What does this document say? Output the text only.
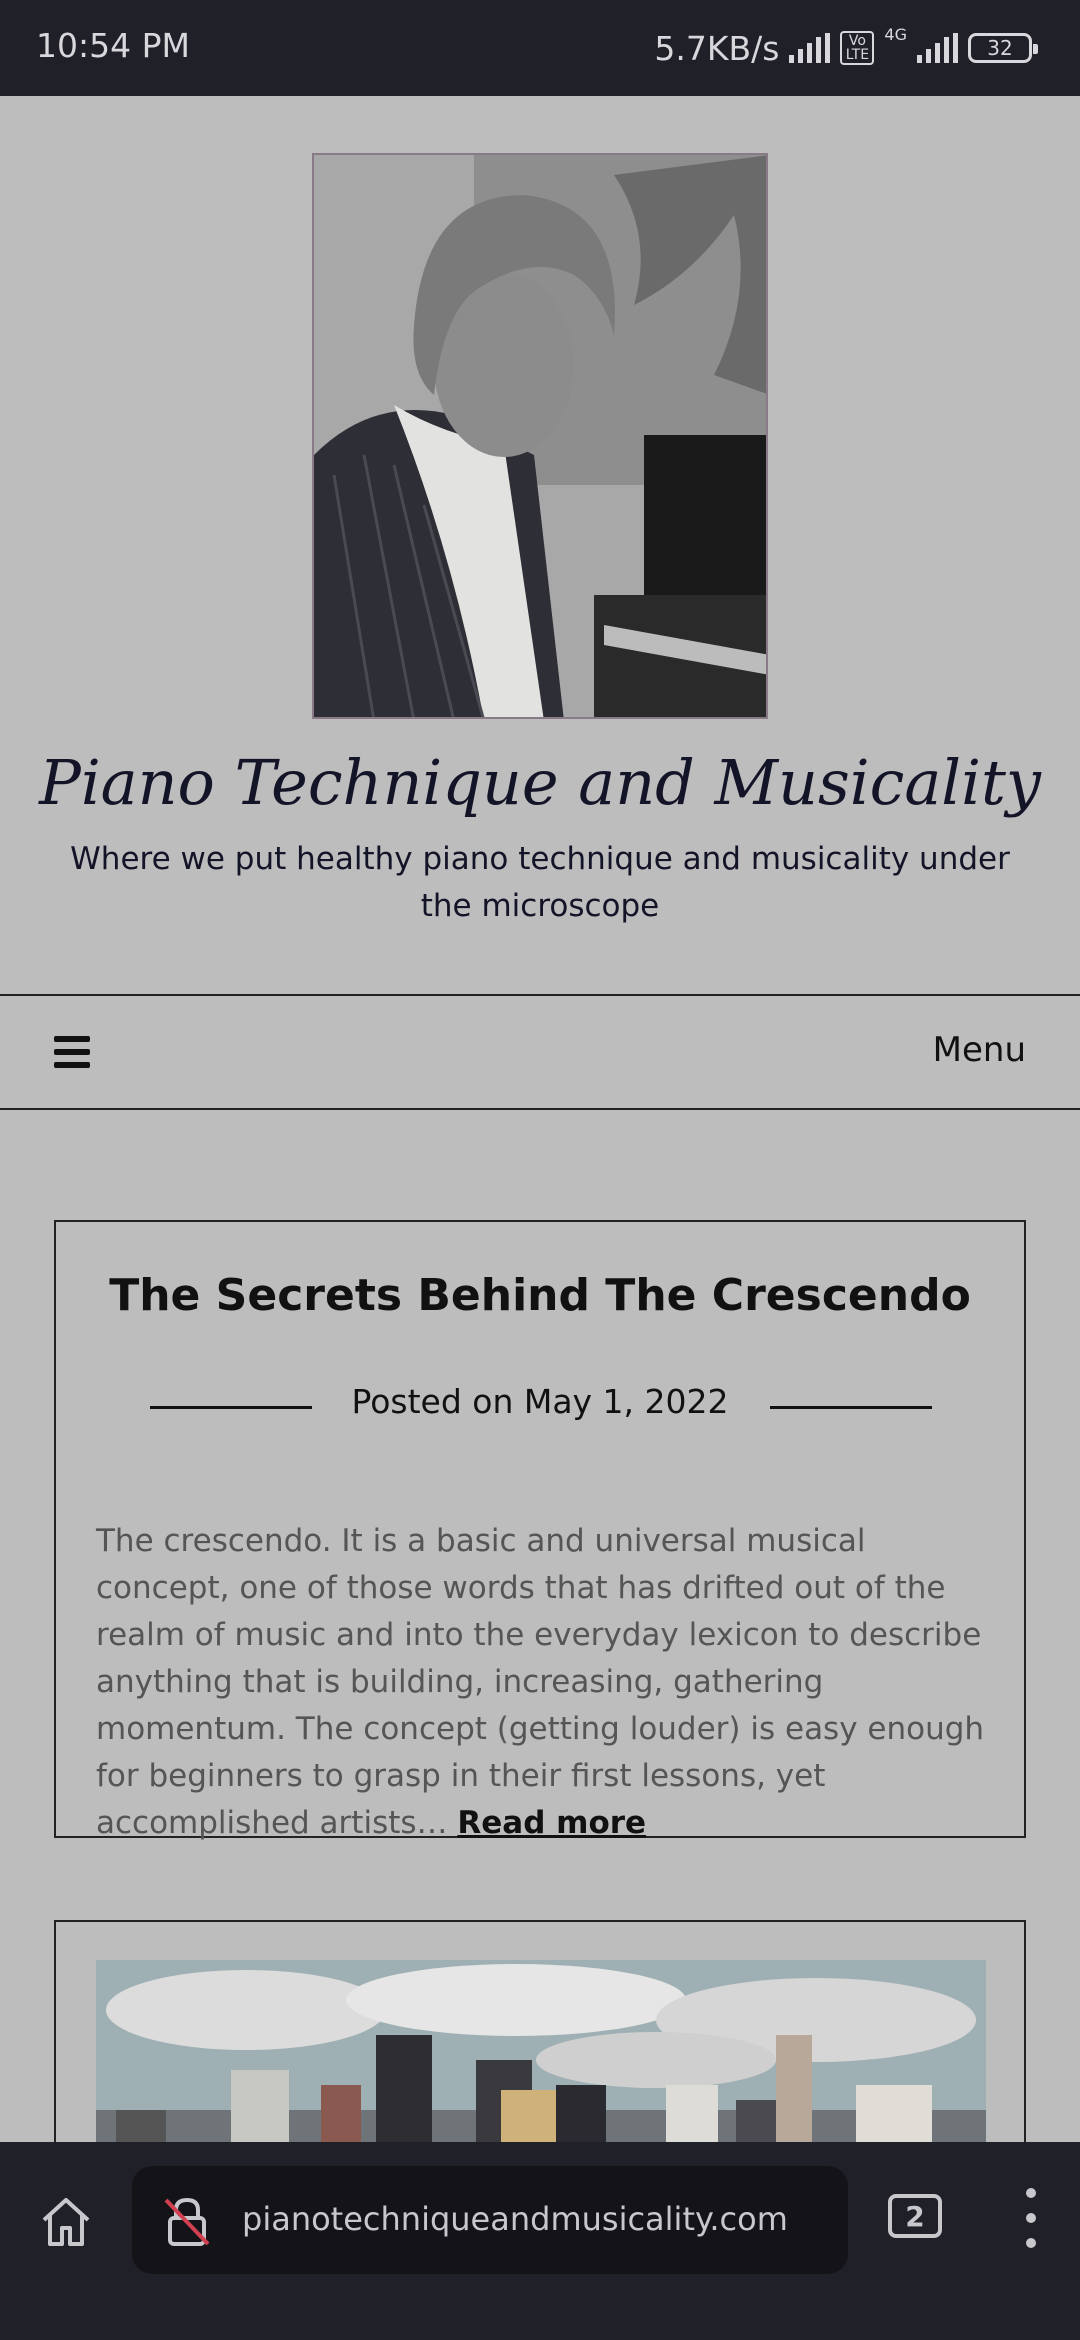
10:54 PM	5.7KB/s	Vo LTE
4G
32
Piano Technique and Musicality
Where we put healthy piano technique and musicality under the microscope
Menu
The Secrets Behind The Crescendo
Posted on May 1, 2022
The crescendo. It is a basic and universal musical concept, one of those words that has drifted out of the realm of music and into the everyday lexicon to describe anything that is building, increasing, gathering momentum. The concept (getting louder) is easy enough for beginners to grasp in their first lessons, yet accomplished artists… Read more
pianotechniqueandmusicality.com	2
